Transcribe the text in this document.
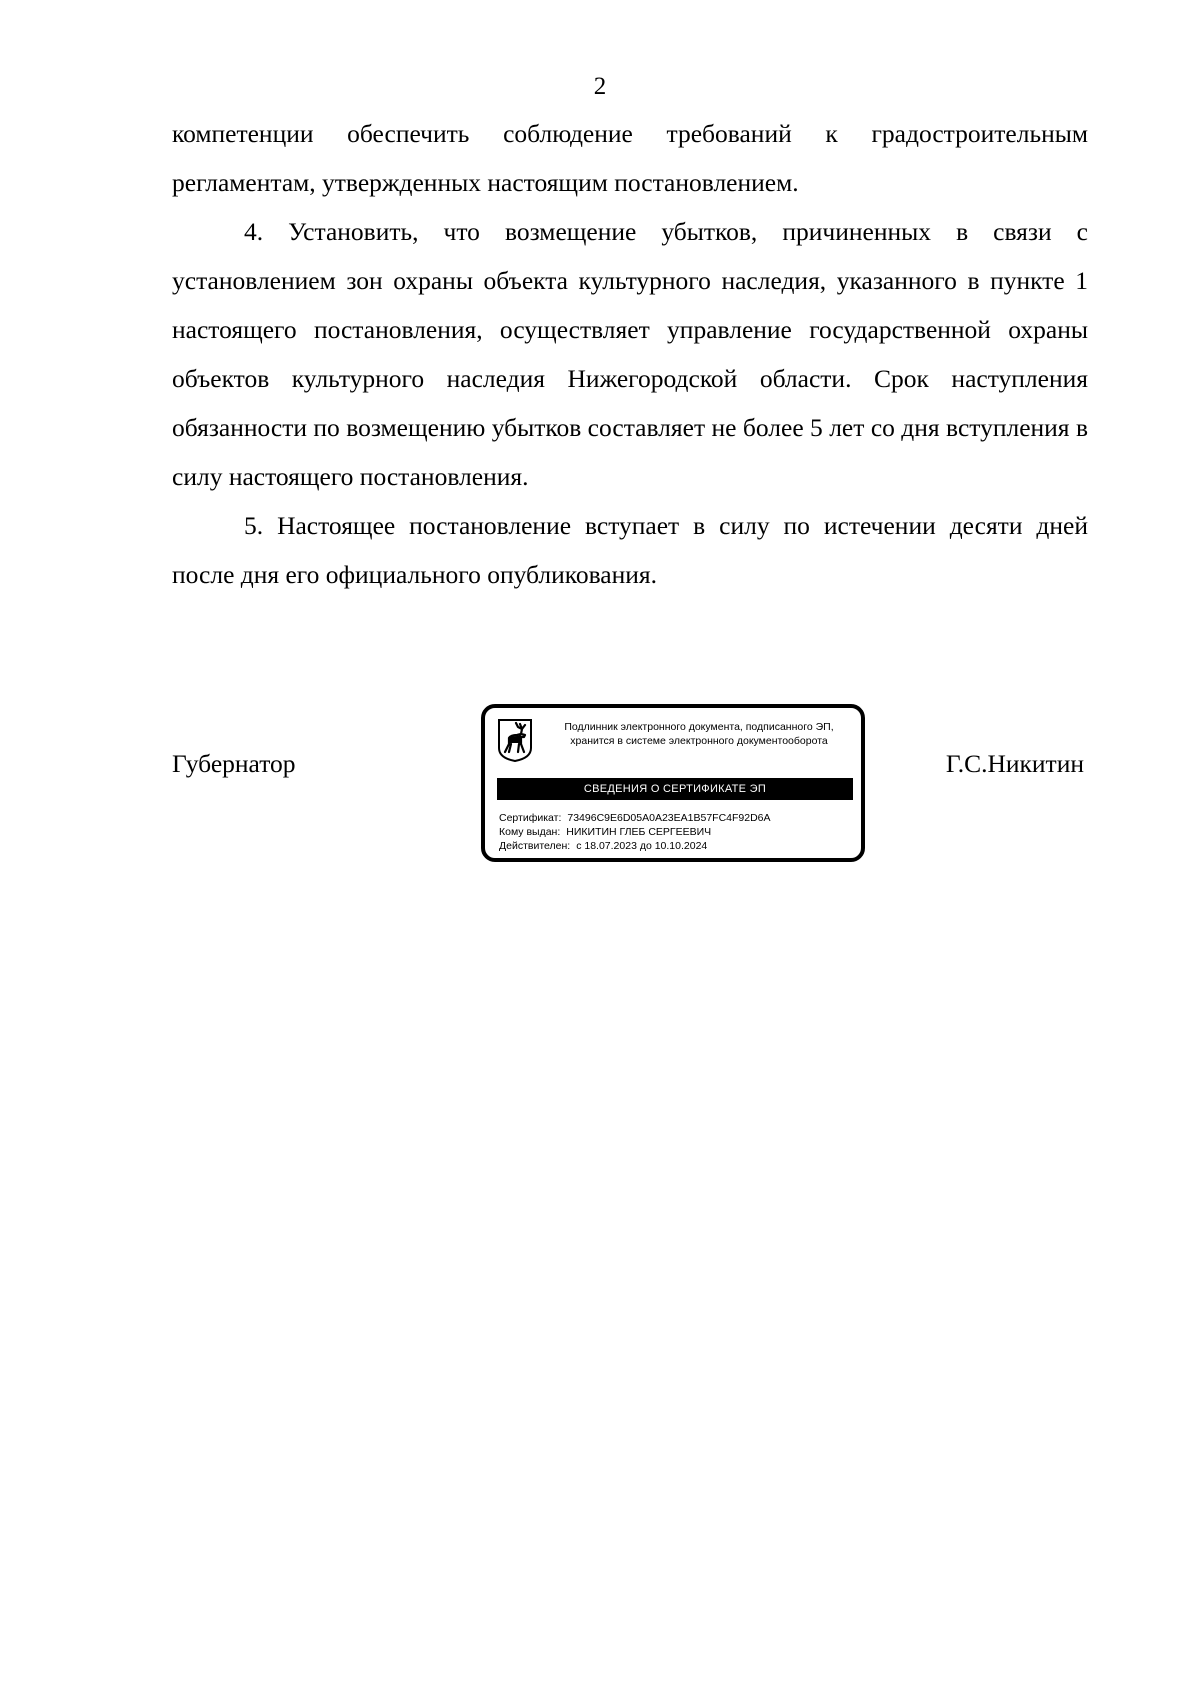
2

компетенции обеспечить соблюдение требований к градостроительным регламентам, утвержденных настоящим постановлением.

4. Установить, что возмещение убытков, причиненных в связи с установлением зон охраны объекта культурного наследия, указанного в пункте 1 настоящего постановления, осуществляет управление государственной охраны объектов культурного наследия Нижегородской области. Срок наступления обязанности по возмещению убытков составляет не более 5 лет со дня вступления в силу настоящего постановления.

5. Настоящее постановление вступает в силу по истечении десяти дней после дня его официального опубликования.

Губернатор	Г.С.Никитин
Подлинник электронного документа, подписанного ЭП,
хранится в системе электронного документооборота
СВЕДЕНИЯ О СЕРТИФИКАТЕ ЭП
Сертификат: 73496C9E6D05A0A23EA1B57FC4F92D6A
Кому выдан: НИКИТИН ГЛЕБ СЕРГЕЕВИЧ
Действителен: с 18.07.2023 до 10.10.2024
